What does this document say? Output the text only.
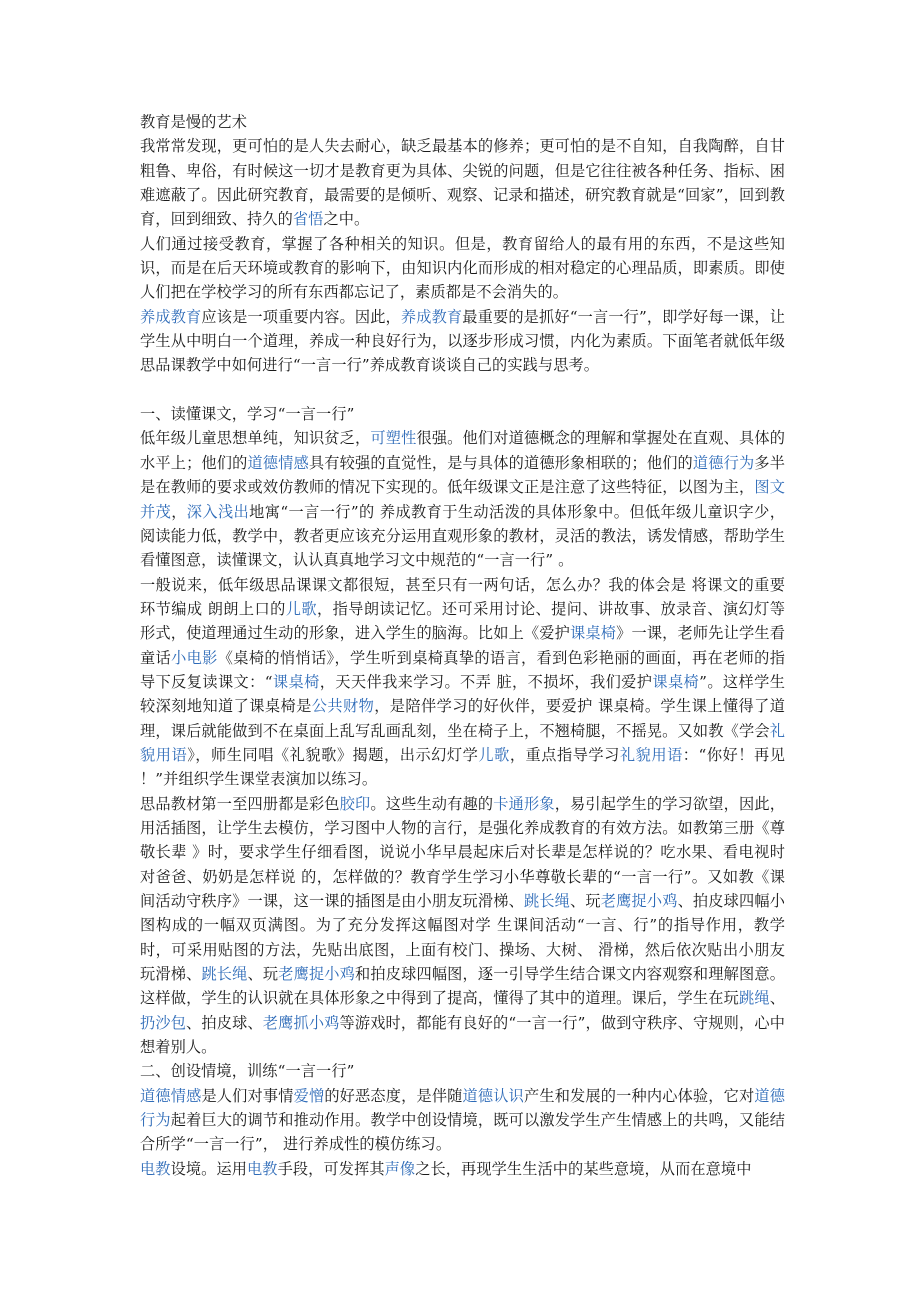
教育是慢的艺术

我常常发现，更可怕的是人失去耐心，缺乏最基本的修养；更可怕的是不自知，自我陶醉，自甘粗鲁、卑俗，有时候这一切才是教育更为具体、尖锐的问题，但是它往往被各种任务、指标、困难遮蔽了。因此研究教育，最需要的是倾听、观察、记录和描述，研究教育就是“回家”，回到教育，回到细致、持久的省悟之中。

人们通过接受教育，掌握了各种相关的知识。但是，教育留给人的最有用的东西，不是这些知识，而是在后天环境或教育的影响下，由知识内化而形成的相对稳定的心理品质，即素质。即使人们把在学校学习的所有东西都忘记了，素质都是不会消失的。

养成教育应该是一项重要内容。因此，养成教育最重要的是抓好“一言一行”，即学好每一课，让学生从中明白一个道理，养成一种良好行为，以逐步形成习惯，内化为素质。下面笔者就低年级思品课教学中如何进行“一言一行”养成教育谈谈自己的实践与思考。

一、读懂课文，学习“一言一行”

低年级儿童思想单纯，知识贫乏，可塑性很强。他们对道德概念的理解和掌握处在直观、具体的水平上；他们的道德情感具有较强的直觉性，是与具体的道德形象相联的；他们的道德行为多半是在教师的要求或效仿教师的情况下实现的。低年级课文正是注意了这些特征，以图为主，图文并茂，深入浅出地寓“一言一行”的 养成教育于生动活泼的具体形象中。但低年级儿童识字少，阅读能力低，教学中，教者更应该充分运用直观形象的教材，灵活的教法，诱发情感，帮助学生看懂图意，读懂课文，认认真真地学习文中规范的“一言一行” 。

一般说来，低年级思品课课文都很短，甚至只有一两句话，怎么办？我的体会是 将课文的重要环节编成 朗朗上口的儿歌，指导朗读记忆。还可采用讨论、提问、讲故事、放录音、演幻灯等形式，使道理通过生动的形象，进入学生的脑海。比如上《爱护课桌椅》一课，老师先让学生看童话小电影《桌椅的悄悄话》，学生听到桌椅真挚的语言，看到色彩艳丽的画面，再在老师的指导下反复读课文：“课桌椅，天天伴我来学习。不弄 脏，不损坏，我们爱护课桌椅”。这样学生较深刻地知道了课桌椅是公共财物，是陪伴学习的好伙伴，要爱护 课桌椅。学生课上懂得了道理，课后就能做到不在桌面上乱写乱画乱刻，坐在椅子上，不翘椅腿，不摇晃。又如教《学会礼貌用语》，师生同唱《礼貌歌》揭题，出示幻灯学儿歌，重点指导学习礼貌用语：“你好！再见 ！”并组织学生课堂表演加以练习。

思品教材第一至四册都是彩色胶印。这些生动有趣的卡通形象，易引起学生的学习欲望，因此，用活插图，让学生去模仿，学习图中人物的言行，是强化养成教育的有效方法。如教第三册《尊敬长辈 》时，要求学生仔细看图，说说小华早晨起床后对长辈是怎样说的？吃水果、看电视时对爸爸、奶奶是怎样说 的，怎样做的？教育学生学习小华尊敬长辈的“一言一行”。又如教《课间活动守秩序》一课，这一课的插图是由小朋友玩滑梯、跳长绳、玩老鹰捉小鸡、拍皮球四幅小图构成的一幅双页满图。为了充分发挥这幅图对学 生课间活动“一言、行”的指导作用，教学时，可采用贴图的方法，先贴出底图，上面有校门、操场、大树、 滑梯，然后依次贴出小朋友玩滑梯、跳长绳、玩老鹰捉小鸡和拍皮球四幅图，逐一引导学生结合课文内容观察和理解图意。这样做，学生的认识就在具体形象之中得到了提高，懂得了其中的道理。课后，学生在玩跳绳、 扔沙包、拍皮球、老鹰抓小鸡等游戏时，都能有良好的“一言一行”，做到守秩序、守规则，心中想着别人。

二、创设情境，训练“一言一行”

道德情感是人们对事情爱憎的好恶态度，是伴随道德认识产生和发展的一种内心体验，它对道德行为起着巨大的调节和推动作用。教学中创设情境，既可以激发学生产生情感上的共鸣，又能结合所学“一言一行”， 进行养成性的模仿练习。

电教设境。运用电教手段，可发挥其声像之长，再现学生生活中的某些意境，从而在意境中
